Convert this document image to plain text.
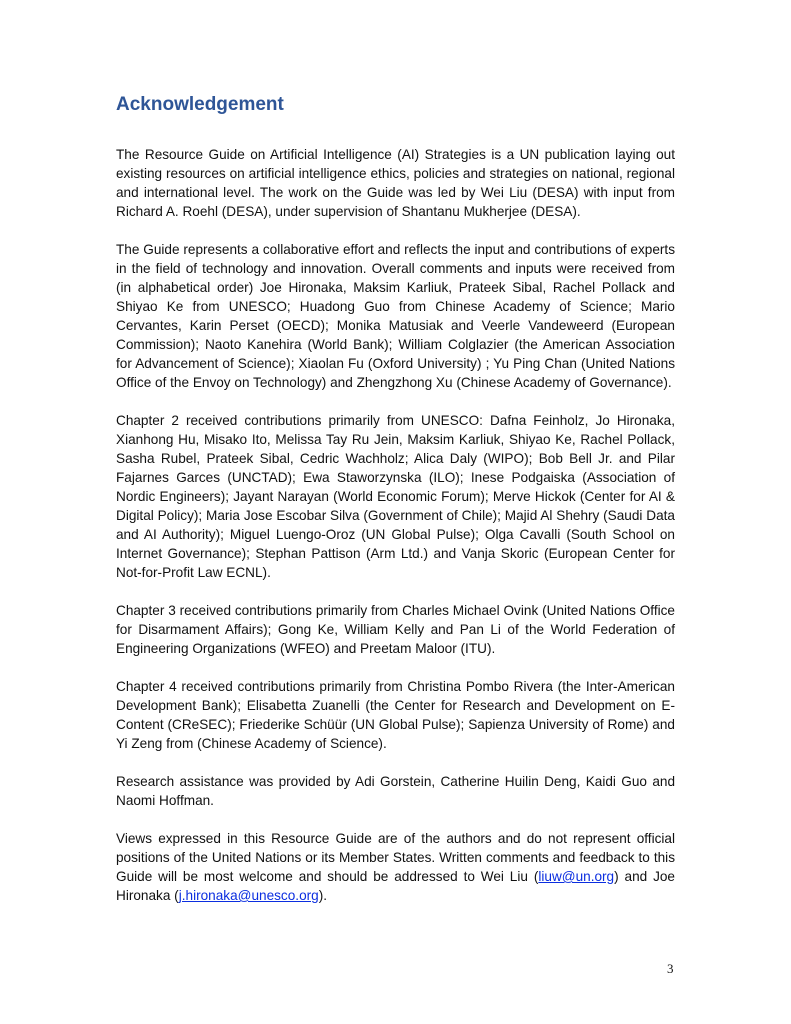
Acknowledgement

The Resource Guide on Artificial Intelligence (AI) Strategies is a UN publication laying out existing resources on artificial intelligence ethics, policies and strategies on national, regional and international level. The work on the Guide was led by Wei Liu (DESA) with input from Richard A. Roehl (DESA), under supervision of Shantanu Mukherjee (DESA).

The Guide represents a collaborative effort and reflects the input and contributions of experts in the field of technology and innovation. Overall comments and inputs were received from (in alphabetical order) Joe Hironaka, Maksim Karliuk, Prateek Sibal, Rachel Pollack and Shiyao Ke from UNESCO; Huadong Guo from Chinese Academy of Science; Mario Cervantes, Karin Perset (OECD); Monika Matusiak and Veerle Vandeweerd (European Commission); Naoto Kanehira (World Bank); William Colglazier (the American Association for Advancement of Science); Xiaolan Fu (Oxford University) ; Yu Ping Chan (United Nations Office of the Envoy on Technology) and Zhengzhong Xu (Chinese Academy of Governance).

Chapter 2 received contributions primarily from UNESCO: Dafna Feinholz, Jo Hironaka, Xianhong Hu, Misako Ito, Melissa Tay Ru Jein, Maksim Karliuk, Shiyao Ke, Rachel Pollack, Sasha Rubel, Prateek Sibal, Cedric Wachholz; Alica Daly (WIPO); Bob Bell Jr. and Pilar Fajarnes Garces (UNCTAD); Ewa Staworzynska (ILO); Inese Podgaiska (Association of Nordic Engineers); Jayant Narayan (World Economic Forum); Merve Hickok (Center for AI & Digital Policy); Maria Jose Escobar Silva (Government of Chile); Majid Al Shehry (Saudi Data and AI Authority); Miguel Luengo-Oroz (UN Global Pulse); Olga Cavalli (South School on Internet Governance); Stephan Pattison (Arm Ltd.) and Vanja Skoric (European Center for Not-for-Profit Law ECNL).

Chapter 3 received contributions primarily from Charles Michael Ovink (United Nations Office for Disarmament Affairs); Gong Ke, William Kelly and Pan Li of the World Federation of Engineering Organizations (WFEO) and Preetam Maloor (ITU).

Chapter 4 received contributions primarily from Christina Pombo Rivera (the Inter-American Development Bank); Elisabetta Zuanelli (the Center for Research and Development on E-Content (CReSEC); Friederike Schüür (UN Global Pulse); Sapienza University of Rome) and Yi Zeng from (Chinese Academy of Science).

Research assistance was provided by Adi Gorstein, Catherine Huilin Deng, Kaidi Guo and Naomi Hoffman.

Views expressed in this Resource Guide are of the authors and do not represent official positions of the United Nations or its Member States. Written comments and feedback to this Guide will be most welcome and should be addressed to Wei Liu (liuw@un.org) and Joe Hironaka (j.hironaka@unesco.org).

3
